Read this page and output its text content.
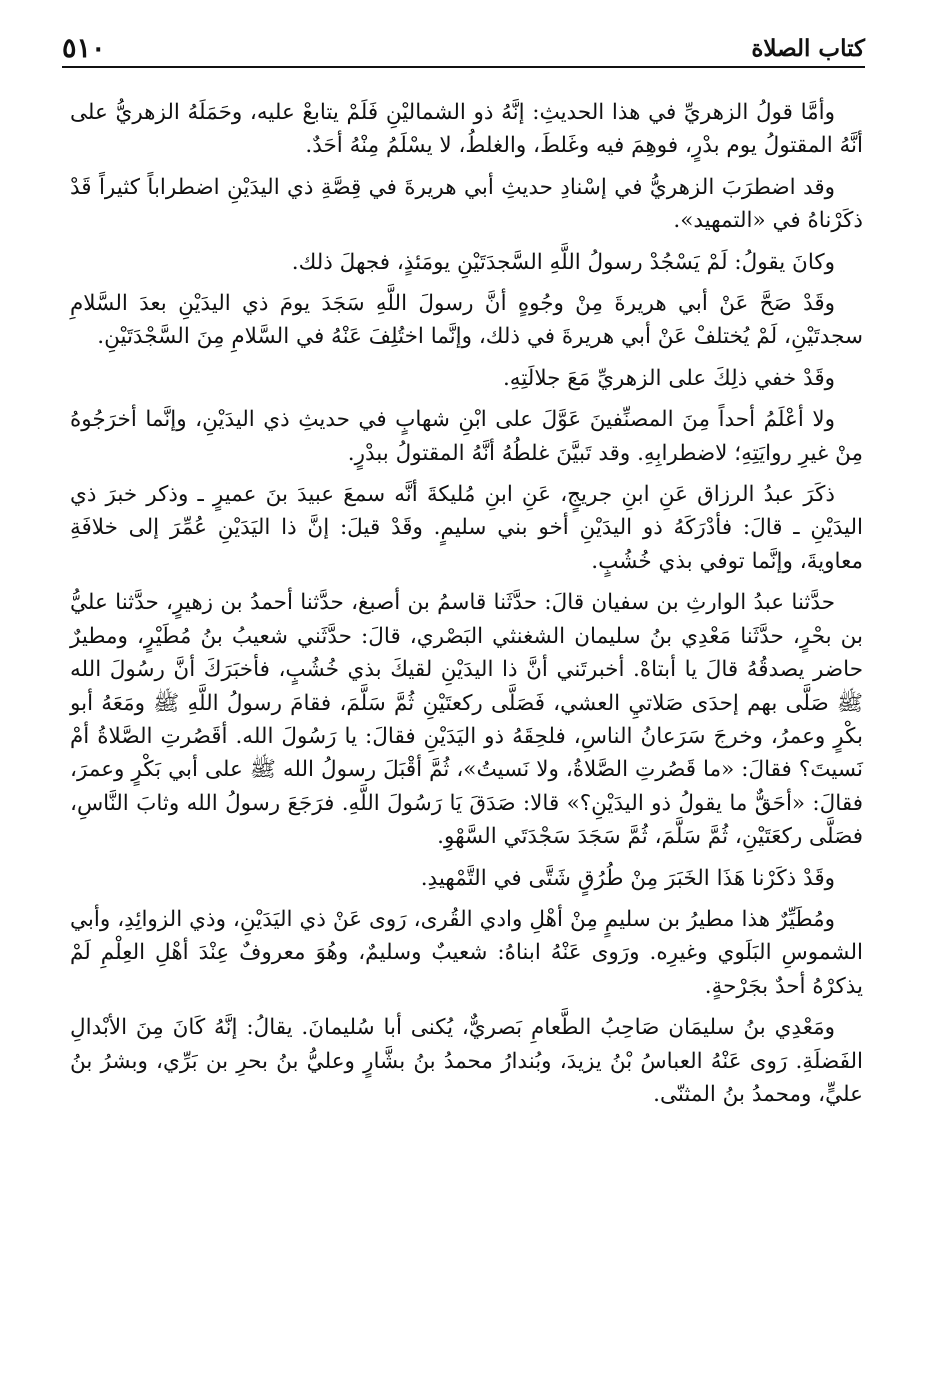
كتاب الصلاة
٥١٠

وأمَّا قولُ الزهريِّ في هذا الحديثِ: إنَّهُ ذو الشماليْنِ فَلَمْ يتابعْ عليه، وحَمَلَهُ الزهريُّ على أنَّهُ المقتولُ يوم بدْرٍ، فوهِمَ فيه وغَلطَ، والغلطُ، لا يسْلَمُ مِنْهُ أحَدٌ.

وقد اضطرَبَ الزهريُّ في إسْنادِ حديثِ أبي هريرةَ في قِصَّةِ ذي اليدَيْنِ اضطراباً كثيراً قَدْ ذكَرْناهُ في «التمهيد».

وكانَ يقولُ: لَمْ يَسْجُدْ رسولُ اللَّهِ السَّجدَتَيْنِ يومَئذٍ، فجهلَ ذلك.

وقَدْ صَحَّ عَنْ أبي هريرةَ مِنْ وجُوهٍ أنَّ رسولَ اللَّهِ سَجَدَ يومَ ذي اليدَيْنِ بعدَ السَّلامِ سجدتَيْنِ، لَمْ يُختلفْ عَنْ أبي هريرةَ في ذلك، وإنَّما اختُلِفَ عَنْهُ في السَّلامِ مِنَ السَّجْدَتَيْنِ.

وقَدْ خفي ذلِكَ على الزهريِّ مَعَ جلالَتِهِ.

ولا أعْلَمُ أحداً مِنَ المصنِّفينَ عَوَّلَ على ابْنِ شهابٍ في حديثِ ذي اليدَيْنِ، وإنَّما أخرَجُوهُ مِنْ غيرِ روايَتِهِ؛ لاضطرابِهِ. وقد تَبيَّنَ غلطُهُ أنَّهُ المقتولُ ببدْرٍ.

ذكَرَ عبدُ الرزاق عَنِ ابنِ جريجٍ، عَنِ ابنِ مُليكةَ أنَّه سمعَ عبيدَ بنَ عميرٍ ـ وذكر خبرَ ذي اليدَيْنِ ـ قالَ: فأدْرَكَهُ ذو اليدَيْنِ أخو بني سليمٍ. وقَدْ قيلَ: إنَّ ذا اليَدَيْنِ عُمِّرَ إلى خلافَةِ معاويةَ، وإنَّما توفي بذي خُشُبٍ.

حدَّثنا عبدُ الوارثِ بن سفيان قالَ: حدَّثَنا قاسمُ بن أصبغ، حدَّثنا أحمدُ بن زهيرٍ، حدَّثنا عليُّ بن بحْرٍ، حدَّثَنا مَعْدِي بنُ سليمان الشغنثي البَصْري، قالَ: حدَّثَني شعيبُ بنُ مُطَيْرٍ، ومطيرٌ حاضر يصدقُهُ قالَ يا أبتاهْ. أخبرتَني أنَّ ذا اليدَيْنِ لقيكَ بذي خُشُبٍ، فأخبَرَكَ أنَّ رسُولَ الله ﷺ صَلَّى بهم إحدَى صَلاتيِ العشي، فَصَلَّى ركعتَيْنِ ثُمَّ سَلَّمَ، فقامَ رسولُ اللَّهِ ﷺ ومَعَهُ أبو بكْرٍ وعمرُ، وخرجَ سَرَعانُ الناسِ، فلحِقَهُ ذو اليَدَيْنِ فقالَ: يا رَسُولَ الله. أقَصُرتِ الصَّلاةُ أمْ نَسيتَ؟ فقالَ: «ما قَصُرتِ الصَّلاةُ، ولا نَسيتُ»، ثُمَّ أقْبَلَ رسولُ الله ﷺ على أبي بَكْرٍ وعمرَ، فقالَ: «أحَقٌّ ما يقولُ ذو اليدَيْنِ؟» قالا: صَدَقَ يَا رَسُولَ اللَّهِ. فرَجَعَ رسولُ الله وثابَ النَّاسِ، فصَلَّى ركعَتَيْنِ، ثُمَّ سَلَّمَ، ثُمَّ سَجَدَ سَجْدَتَي السَّهْوِ.

وقَدْ ذكَرْنا هَذَا الخَبَرَ مِنْ طُرُقٍ شَتَّى في التَّمْهيدِ.

ومُطَيِّرٌ هذا مطيرُ بن سليمٍ مِنْ أهْلِ وادي القُرى، رَوى عَنْ ذي اليَدَيْنِ، وذي الزوائِدِ، وأبي الشموسِ البَلَوي وغيرِه. ورَوى عَنْهُ ابناهُ: شعيبٌ وسليمٌ، وهُوَ معروفٌ عِنْدَ أهْلِ العِلْمِ لَمْ يذكرْهُ أحدٌ بجَرْحةٍ.

ومَعْدِي بنُ سليمَان صَاحِبُ الطَّعامِ بَصريٌّ، يُكنى أبا سُليمانَ. يقالُ: إنَّهُ كَانَ مِنَ الأبْدالِ الفَضلَةِ. رَوى عَنْهُ العباسُ بْنُ يزيدَ، وبُندارُ محمدُ بنُ بشَّارٍ وعليُّ بنُ بحرِ بن بَرِّي، وبشرُ بنُ عليٍّ، ومحمدُ بنُ المثنّى.
